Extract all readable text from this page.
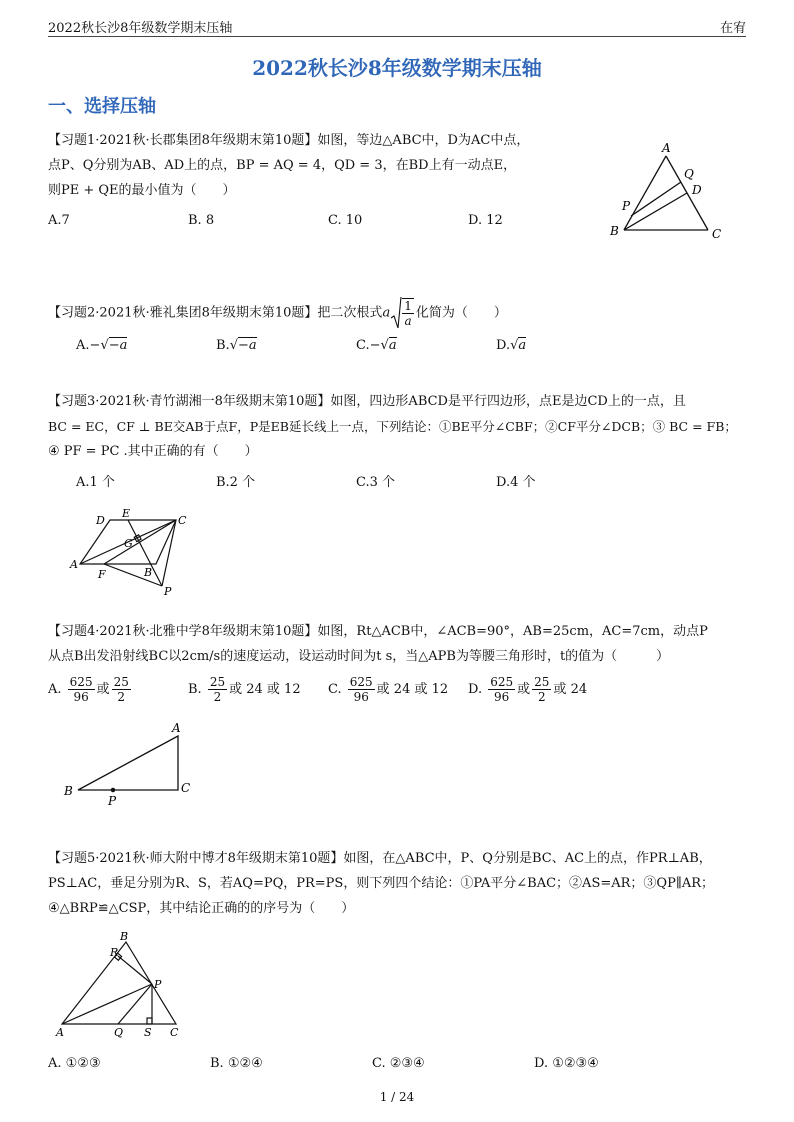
2022秋长沙8年级数学期末压轴	在宥
2022秋长沙8年级数学期末压轴
一、选择压轴
【习题1·2021秋·长郡集团8年级期末第10题】如图，等边△ABC中，D为AC中点，
点P、Q分别为AB、AD上的点，BP = AQ = 4，QD = 3，在BD上有一动点E，
则PE + QE的最小值为（　　）
A.7	B. 8	C. 10	D. 12
A
Q
D
P
B	C
【习题2·2021秋·雅礼集团8年级期末第10题】把二次根式a $\frac{1}{a}$ 化简为（　　）
A.−√−a	B.√−a	C.−√a	D.√a
【习题3·2021秋·青竹湖湘一8年级期末第10题】如图，四边形ABCD是平行四边形，点E是边CD上的一点，且
BC = EC，CF ⊥ BE交AB于点F，P是EB延长线上一点，下列结论：①BE平分∠CBF；②CF平分∠DCB；③ BC = FB；
④ PF = PC .其中正确的有（　　）
A.1 个	B.2 个	C.3 个	D.4 个
D
E
C
G
A
F	B
P
【习题4·2021秋·北雅中学8年级期末第10题】如图，Rt△ACB中，∠ACB=90°，AB=25cm，AC=7cm，动点P
从点B出发沿射线BC以2cm/s的速度运动，设运动时间为t s，当△APB为等腰三角形时，t的值为（　　　）
A. $\frac{625}{96}$ 或 $\frac{25}{2}$	B. $\frac{25}{2}$ 或 24 或 12 C. $\frac{625}{96}$ 或 24 或 12 D. $\frac{625}{96}$ 或 $\frac{25}{2}$ 或 24
A
B	C
P
【习题5·2021秋·师大附中博才8年级期末第10题】如图，在△ABC中，P、Q分别是BC、AC上的点，作PR⊥AB，
PS⊥AC，垂足分别为R、S，若AQ=PQ，PR=PS，则下列四个结论：①PA平分∠BAC；②AS=AR；③QP∥AR；
④△BRP≌△CSP，其中结论正确的的序号为（　　）
B
R
P
A	Q S C
A. ①②③	B. ①②④	C. ②③④	D. ①②③④
1 / 24
